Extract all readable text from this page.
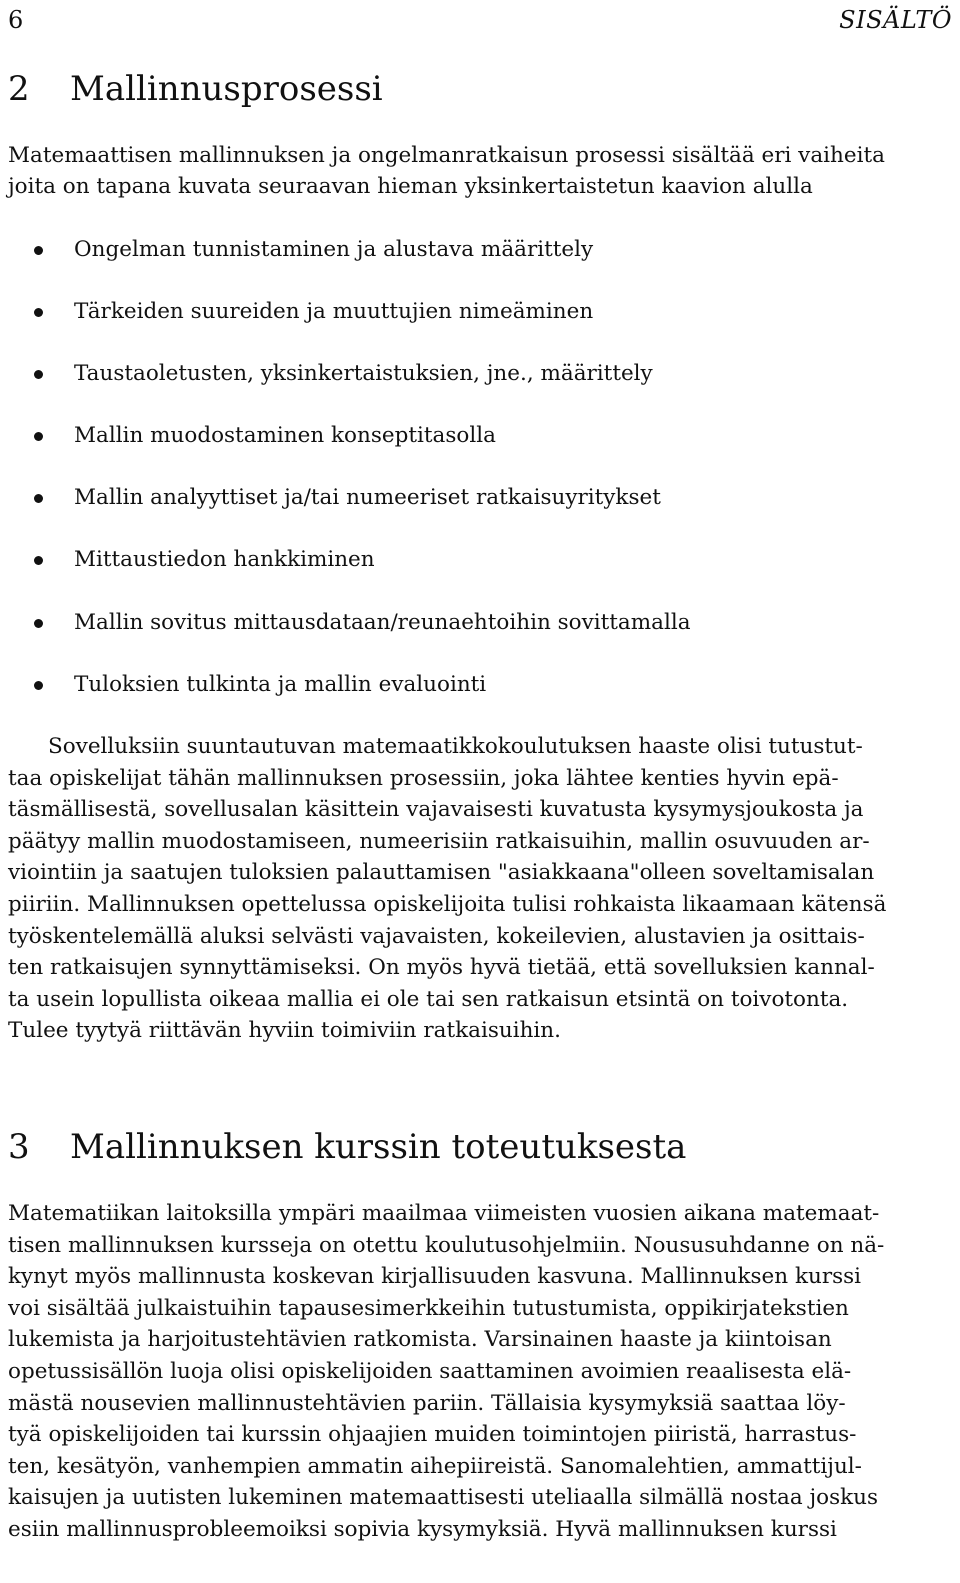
6	SISÄLTÖ
2 Mallinnusprosessi

Matemaattisen mallinnuksen ja ongelmanratkaisun prosessi sisältää eri vaiheita
joita on tapana kuvata seuraavan hieman yksinkertaistetun kaavion alulla

Ongelman tunnistaminen ja alustava määrittely
Tärkeiden suureiden ja muuttujien nimeäminen
Taustaoletusten, yksinkertaistuksien, jne., määrittely
Mallin muodostaminen konseptitasolla
Mallin analyyttiset ja/tai numeeriset ratkaisuyritykset
Mittaustiedon hankkiminen
Mallin sovitus mittausdataan/reunaehtoihin sovittamalla
Tuloksien tulkinta ja mallin evaluointi

Sovelluksiin suuntautuvan matemaatikkokoulutuksen haaste olisi tutustut-
taa opiskelijat tähän mallinnuksen prosessiin, joka lähtee kenties hyvin epä-
täsmällisestä, sovellusalan käsittein vajavaisesti kuvatusta kysymysjoukosta ja
päätyy mallin muodostamiseen, numeerisiin ratkaisuihin, mallin osuvuuden ar-
viointiin ja saatujen tuloksien palauttamisen "asiakkaana"olleen soveltamisalan
piiriin. Mallinnuksen opettelussa opiskelijoita tulisi rohkaista likaamaan kätensä
työskentelemällä aluksi selvästi vajavaisten, kokeilevien, alustavien ja osittais-
ten ratkaisujen synnyttämiseksi. On myös hyvä tietää, että sovelluksien kannal-
ta usein lopullista oikeaa mallia ei ole tai sen ratkaisun etsintä on toivotonta.
Tulee tyytyä riittävän hyviin toimiviin ratkaisuihin.

3 Mallinnuksen kurssin toteutuksesta

Matematiikan laitoksilla ympäri maailmaa viimeisten vuosien aikana matemaat-
tisen mallinnuksen kursseja on otettu koulutusohjelmiin. Noususuhdanne on nä-
kynyt myös mallinnusta koskevan kirjallisuuden kasvuna. Mallinnuksen kurssi
voi sisältää julkaistuihin tapausesimerkkeihin tutustumista, oppikirjatekstien
lukemista ja harjoitustehtävien ratkomista. Varsinainen haaste ja kiintoisan
opetussisällön luoja olisi opiskelijoiden saattaminen avoimien reaalisesta elä-
mästä nousevien mallinnustehtävien pariin. Tällaisia kysymyksiä saattaa löy-
tyä opiskelijoiden tai kurssin ohjaajien muiden toimintojen piiristä, harrastus-
ten, kesätyön, vanhempien ammatin aihepiireistä. Sanomalehtien, ammattijul-
kaisujen ja uutisten lukeminen matemaattisesti uteliaalla silmällä nostaa joskus
esiin mallinnusprobleemoiksi sopivia kysymyksiä. Hyvä mallinnuksen kurssi
